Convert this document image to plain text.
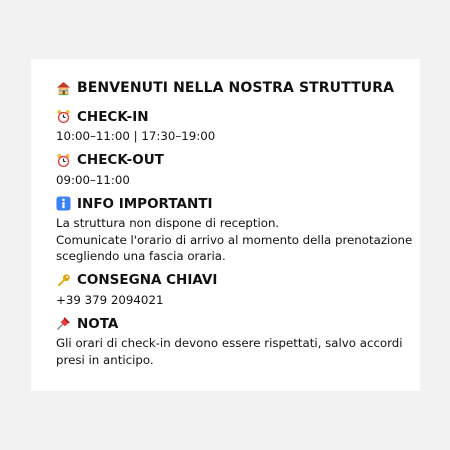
BENVENUTI NELLA NOSTRA STRUTTURA
CHECK-IN
10:00–11:00 | 17:30–19:00
CHECK-OUT
09:00–11:00
INFO IMPORTANTI
La struttura non dispone di reception.
Comunicate l'orario di arrivo al momento della prenotazione
scegliendo una fascia oraria.
CONSEGNA CHIAVI
+39 379 2094021
NOTA
Gli orari di check-in devono essere rispettati, salvo accordi
presi in anticipo.
